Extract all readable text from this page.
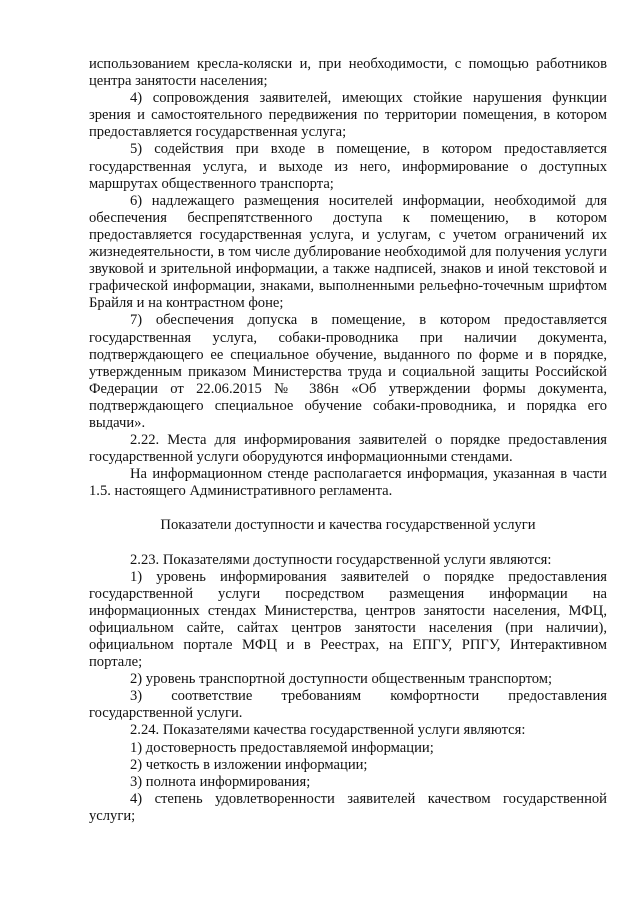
использованием кресла-коляски и, при необходимости, с помощью работников центра занятости населения;

4) сопровождения заявителей, имеющих стойкие нарушения функции зрения и самостоятельного передвижения по территории помещения, в котором предоставляется государственная услуга;

5) содействия при входе в помещение, в котором предоставляется государственная услуга, и выходе из него, информирование о доступных маршрутах общественного транспорта;

6) надлежащего размещения носителей информации, необходимой для обеспечения беспрепятственного доступа к помещению, в котором предоставляется государственная услуга, и услугам, с учетом ограничений их жизнедеятельности, в том числе дублирование необходимой для получения услуги звуковой и зрительной информации, а также надписей, знаков и иной текстовой и графической информации, знаками, выполненными рельефно-точечным шрифтом Брайля и на контрастном фоне;

7) обеспечения допуска в помещение, в котором предоставляется государственная услуга, собаки-проводника при наличии документа, подтверждающего ее специальное обучение, выданного по форме и в порядке, утвержденным приказом Министерства труда и социальной защиты Российской Федерации от 22.06.2015 № 386н «Об утверждении формы документа, подтверждающего специальное обучение собаки-проводника, и порядка его выдачи».

2.22. Места для информирования заявителей о порядке предоставления государственной услуги оборудуются информационными стендами.

На информационном стенде располагается информация, указанная в части 1.5. настоящего Административного регламента.

Показатели доступности и качества государственной услуги

2.23. Показателями доступности государственной услуги являются:

1) уровень информирования заявителей о порядке предоставления государственной услуги посредством размещения информации на информационных стендах Министерства, центров занятости населения, МФЦ, официальном сайте, сайтах центров занятости населения (при наличии), официальном портале МФЦ и в Реестрах, на ЕПГУ, РПГУ, Интерактивном портале;

2) уровень транспортной доступности общественным транспортом;

3) соответствие требованиям комфортности предоставления государственной услуги.

2.24. Показателями качества государственной услуги являются:

1) достоверность предоставляемой информации;

2) четкость в изложении информации;

3) полнота информирования;

4) степень удовлетворенности заявителей качеством государственной услуги;
